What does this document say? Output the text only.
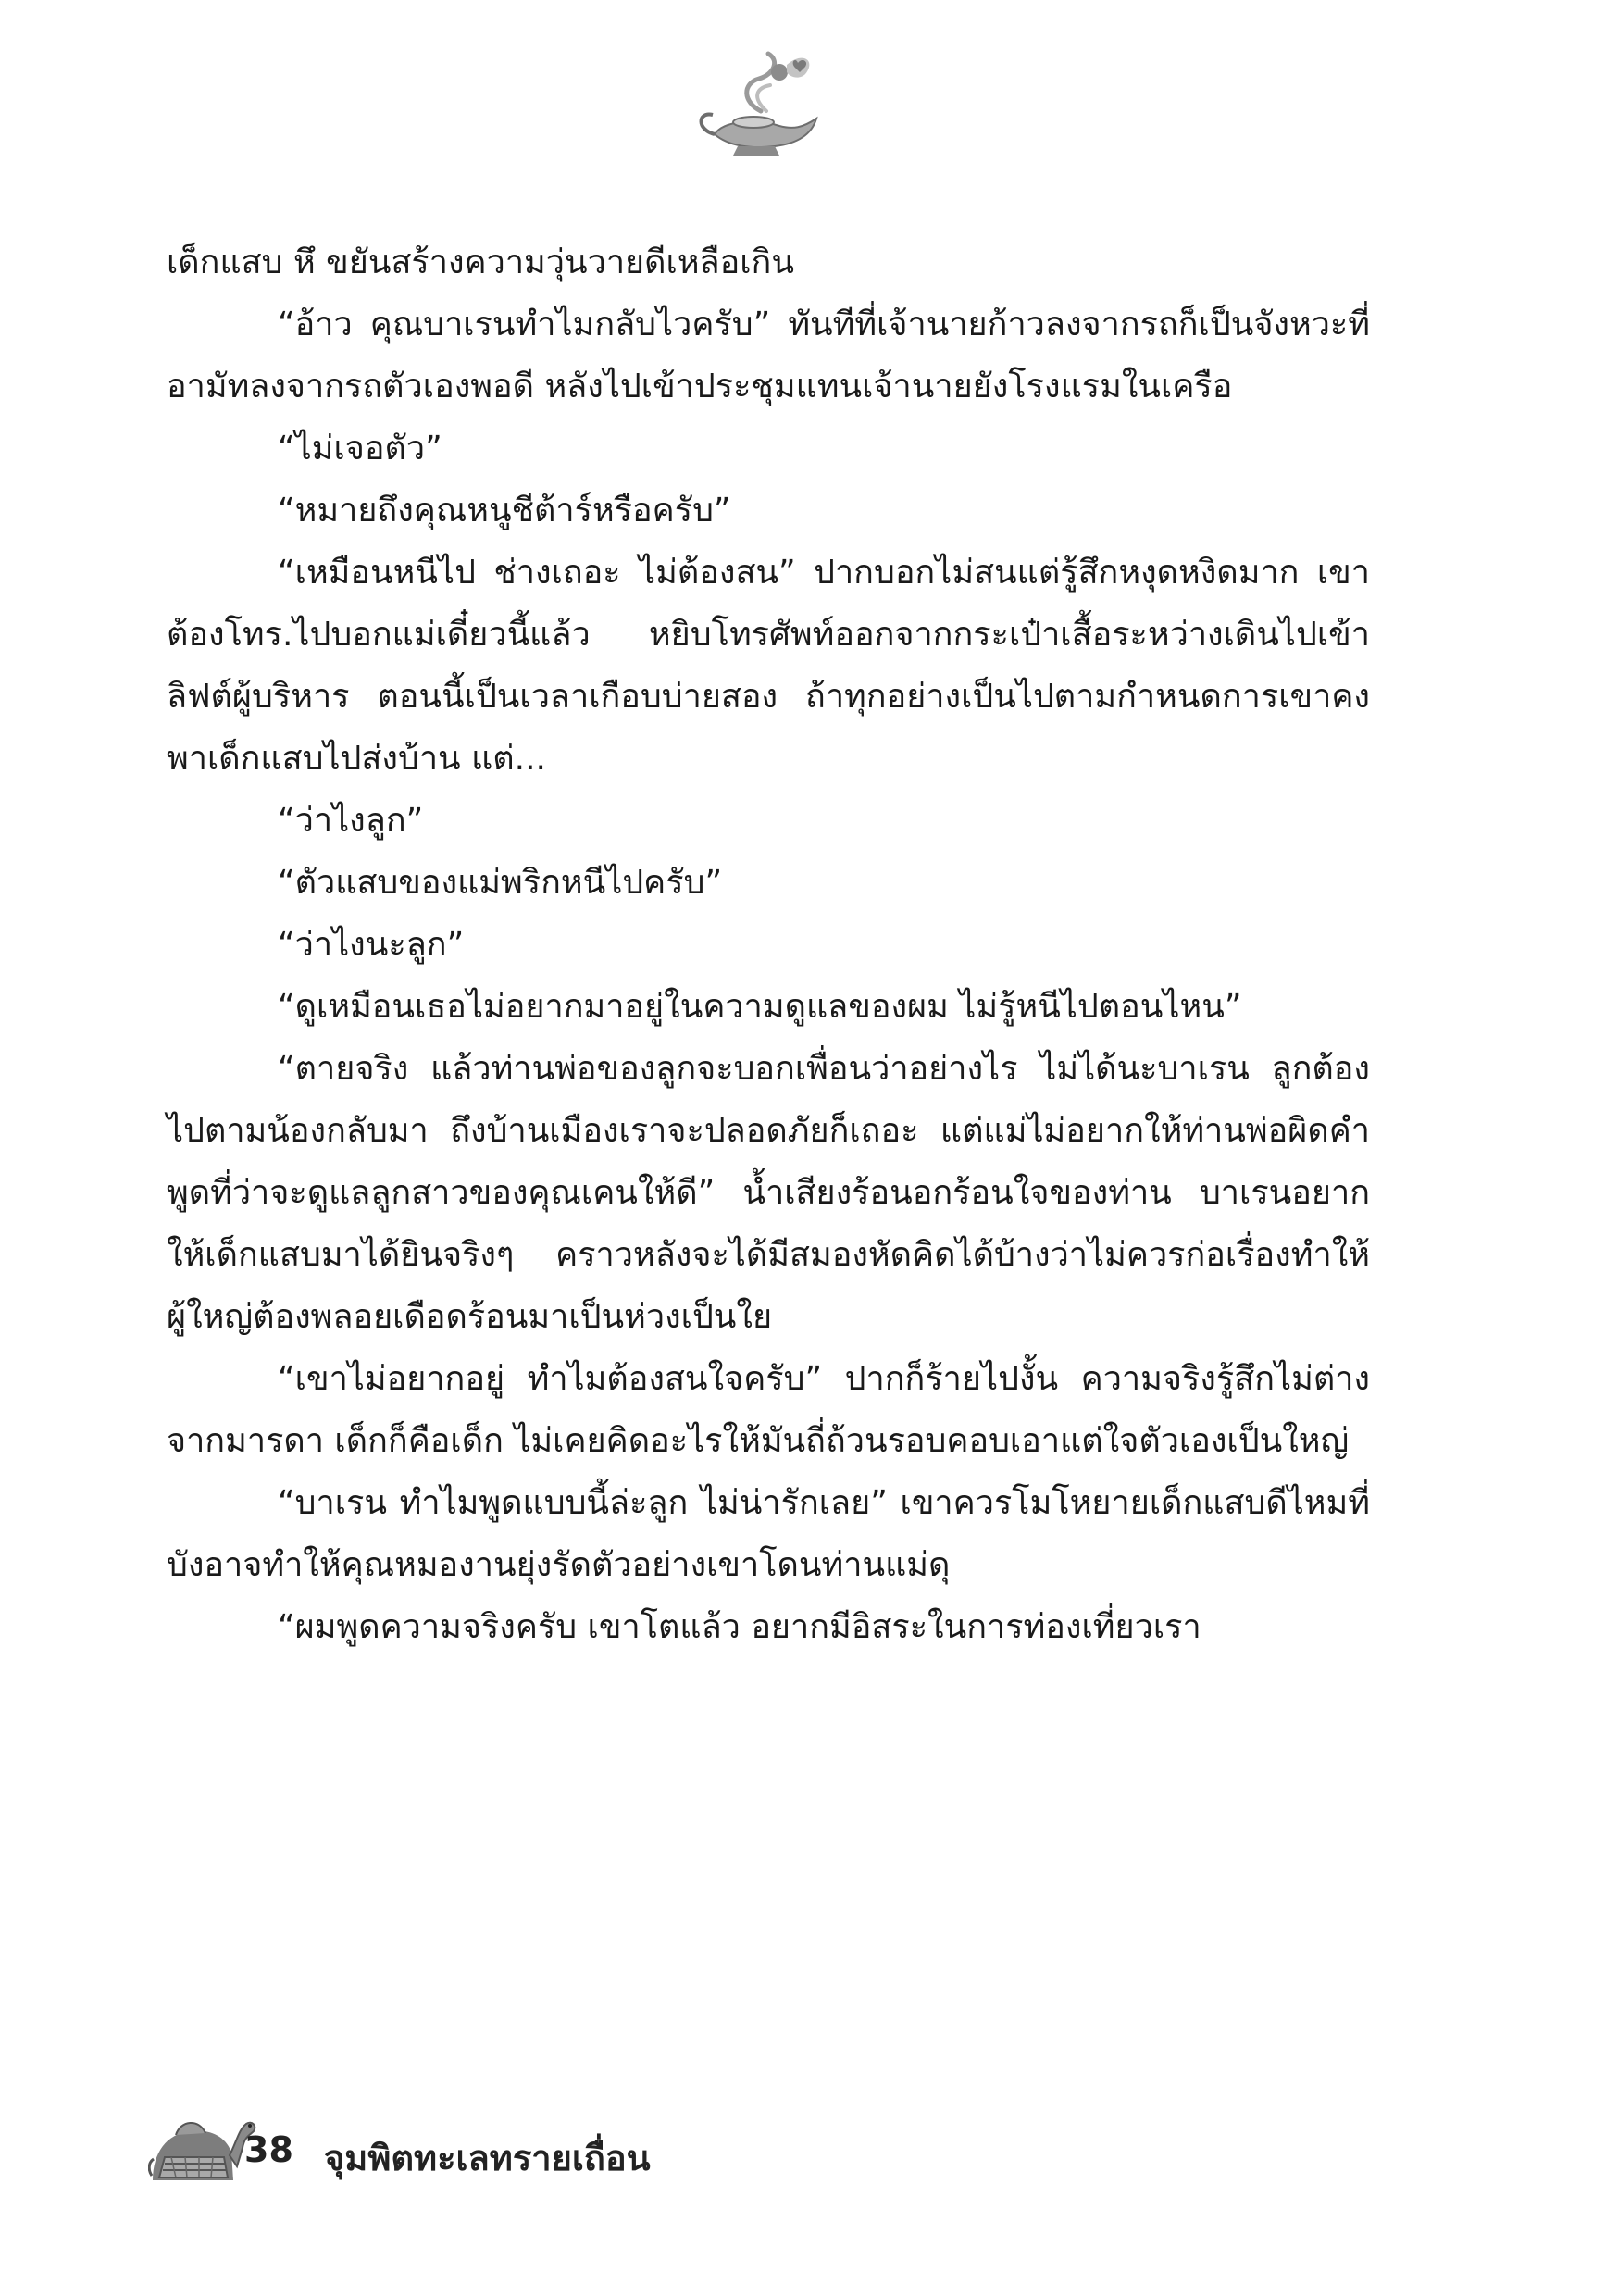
เด็กแสบ หึ ขยันสร้างความวุ่นวายดีเหลือเกิน

“อ้าว คุณบาเรนทำไมกลับไวครับ” ทันทีที่เจ้านายก้าวลงจากรถก็เป็นจังหวะที่อามัทลงจากรถตัวเองพอดี หลังไปเข้าประชุมแทนเจ้านายยังโรงแรมในเครือ

“ไม่เจอตัว”

“หมายถึงคุณหนูชีต้าร์หรือครับ”

“เหมือนหนีไป ช่างเถอะ ไม่ต้องสน” ปากบอกไม่สนแต่รู้สึกหงุดหงิดมาก เขาต้องโทร.ไปบอกแม่เดี๋ยวนี้แล้ว หยิบโทรศัพท์ออกจากกระเป๋าเสื้อระหว่างเดินไปเข้าลิฟต์ผู้บริหาร ตอนนี้เป็นเวลาเกือบบ่ายสอง ถ้าทุกอย่างเป็นไปตามกำหนดการเขาคงพาเด็กแสบไปส่งบ้าน แต่...

“ว่าไงลูก”

“ตัวแสบของแม่พริกหนีไปครับ”

“ว่าไงนะลูก”

“ดูเหมือนเธอไม่อยากมาอยู่ในความดูแลของผม ไม่รู้หนีไปตอนไหน”

“ตายจริง แล้วท่านพ่อของลูกจะบอกเพื่อนว่าอย่างไร ไม่ได้นะบาเรน ลูกต้องไปตามน้องกลับมา ถึงบ้านเมืองเราจะปลอดภัยก็เถอะ แต่แม่ไม่อยากให้ท่านพ่อผิดคำพูดที่ว่าจะดูแลลูกสาวของคุณเคนให้ดี” น้ำเสียงร้อนอกร้อนใจของท่าน บาเรนอยากให้เด็กแสบมาได้ยินจริงๆ คราวหลังจะได้มีสมองหัดคิดได้บ้างว่าไม่ควรก่อเรื่องทำให้ผู้ใหญ่ต้องพลอยเดือดร้อนมาเป็นห่วงเป็นใย

“เขาไม่อยากอยู่ ทำไมต้องสนใจครับ” ปากก็ร้ายไปงั้น ความจริงรู้สึกไม่ต่างจากมารดา เด็กก็คือเด็ก ไม่เคยคิดอะไรให้มันถี่ถ้วนรอบคอบเอาแต่ใจตัวเองเป็นใหญ่

“บาเรน ทำไมพูดแบบนี้ล่ะลูก ไม่น่ารักเลย” เขาควรโมโหยายเด็กแสบดีไหมที่บังอาจทำให้คุณหมองานยุ่งรัดตัวอย่างเขาโดนท่านแม่ดุ

“ผมพูดความจริงครับ เขาโตแล้ว อยากมีอิสระในการท่องเที่ยวเรา

38 จุมพิตทะเลทรายเถื่อน
